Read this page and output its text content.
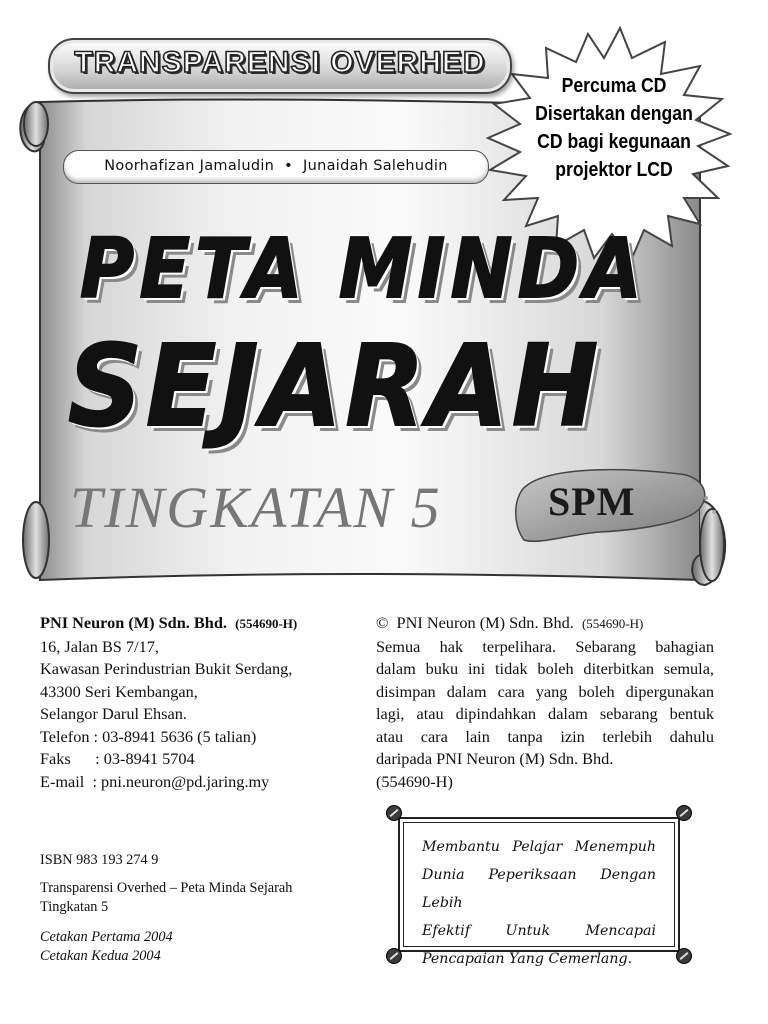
TRANSPARENSI OVERHED
Noorhafizan Jamaludin • Junaidah Salehudin
Percuma CD
Disertakan dengan
CD bagi kegunaan
projektor LCD
PETA MINDA
SEJARAH
TINGKATAN 5	SPM
PNI Neuron (M) Sdn. Bhd. (554690-H)
16, Jalan BS 7/17,
Kawasan Perindustrian Bukit Serdang,
43300 Seri Kembangan,
Selangor Darul Ehsan.
Telefon : 03-8941 5636 (5 talian)
Faks      : 03-8941 5704
E-mail  : pni.neuron@pd.jaring.my
©  PNI Neuron (M) Sdn. Bhd. (554690-H)
Semua hak terpelihara. Sebarang bahagian
dalam buku ini tidak boleh diterbitkan semula,
disimpan dalam cara yang boleh dipergunakan
lagi, atau dipindahkan dalam sebarang bentuk
atau cara lain tanpa izin terlebih dahulu
daripada PNI Neuron (M) Sdn. Bhd.
(554690-H)
ISBN 983 193 274 9
Transparensi Overhed – Peta Minda Sejarah
Tingkatan 5
Cetakan Pertama 2004
Cetakan Kedua 2004
Membantu Pelajar Menempuh
Dunia Peperiksaan Dengan Lebih
Efektif Untuk Mencapai
Pencapaian Yang Cemerlang.
